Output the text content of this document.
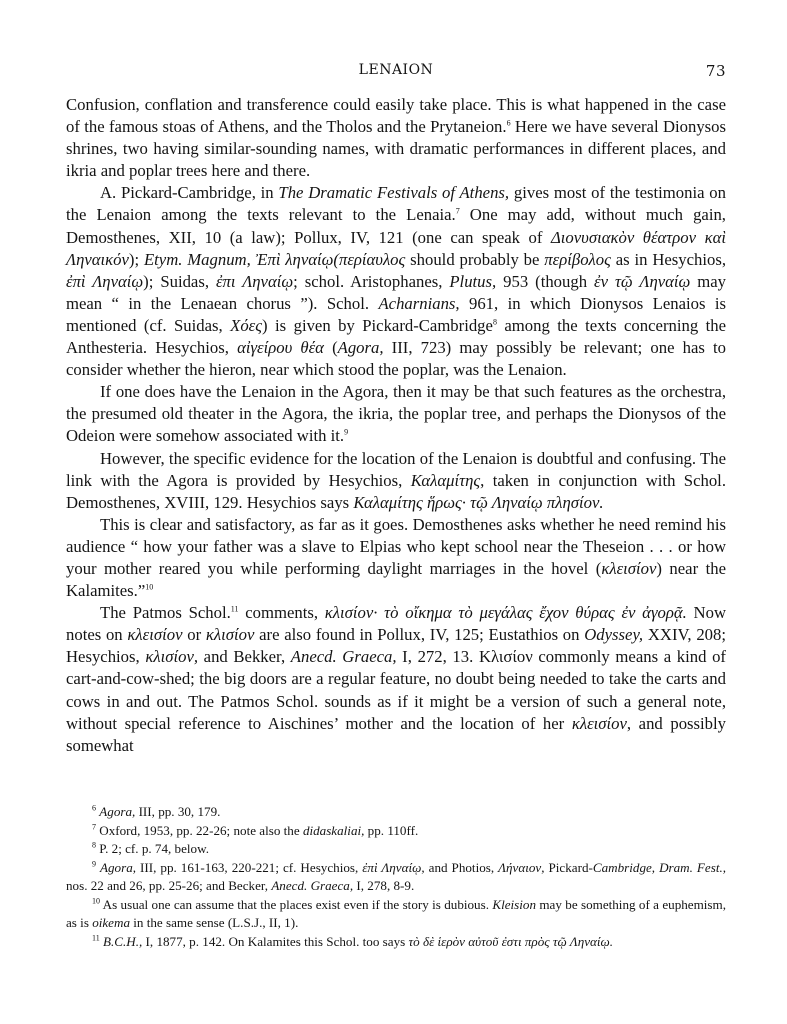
LENAION	73

Confusion, conflation and transference could easily take place. This is what happened in the case of the famous stoas of Athens, and the Tholos and the Prytaneion.$^6$ Here we have several Dionysos shrines, two having similar-sounding names, with dramatic performances in different places, and ikria and poplar trees here and there.

A. Pickard-Cambridge, in The Dramatic Festivals of Athens, gives most of the testimonia on the Lenaion among the texts relevant to the Lenaia.$^7$ One may add, without much gain, Demosthenes, XII, 10 (a law); Pollux, IV, 121 (one can speak of Διονυσιακὸν θέατρον καὶ Ληναικόν); Etym. Magnum, Ἐπὶ ληναίῳ(περίαυλος should probably be περίβολος as in Hesychios, ἐπὶ Ληναίῳ); Suidas, ἐπι Ληναίῳ; schol. Aristophanes, Plutus, 953 (though ἐν τῷ Ληναίῳ may mean “ in the Lenaean chorus ”). Schol. Acharnians, 961, in which Dionysos Lenaios is mentioned (cf. Suidas, Χόες) is given by Pickard-Cambridge$^8$ among the texts concerning the Anthesteria. Hesychios, αἰγείρου θέα (Agora, III, 723) may possibly be relevant; one has to consider whether the hieron, near which stood the poplar, was the Lenaion.

If one does have the Lenaion in the Agora, then it may be that such features as the orchestra, the presumed old theater in the Agora, the ikria, the poplar tree, and perhaps the Dionysos of the Odeion were somehow associated with it.$^9$

However, the specific evidence for the location of the Lenaion is doubtful and confusing. The link with the Agora is provided by Hesychios, Καλαμίτης, taken in conjunction with Schol. Demosthenes, XVIII, 129. Hesychios says Καλαμίτης ἥρως· τῷ Ληναίῳ πλησίον.

This is clear and satisfactory, as far as it goes. Demosthenes asks whether he need remind his audience “ how your father was a slave to Elpias who kept school near the Theseion . . . or how your mother reared you while performing daylight marriages in the hovel (κλεισίον) near the Kalamites.”$^{10}$

The Patmos Schol.$^{11}$ comments, κλισίον· τὸ οἴκημα τὸ μεγάλας ἔχον θύρας ἐν ἀγορᾷ. Now notes on κλεισίον or κλισίον are also found in Pollux, IV, 125; Eustathios on Odyssey, XXIV, 208; Hesychios, κλισίον, and Bekker, Anecd. Graeca, I, 272, 13. Κλισίον commonly means a kind of cart-and-cow-shed; the big doors are a regular feature, no doubt being needed to take the carts and cows in and out. The Patmos Schol. sounds as if it might be a version of such a general note, without special reference to Aischines’ mother and the location of her κλεισίον, and possibly somewhat

$^6$ Agora, III, pp. 30, 179.

$^7$ Oxford, 1953, pp. 22-26; note also the didaskaliai, pp. 110ff.

$^8$ P. 2; cf. p. 74, below.

$^9$ Agora, III, pp. 161-163, 220-221; cf. Hesychios, ἐπὶ Ληναίῳ, and Photios, Λήναιον, Pickard-Cambridge, Dram. Fest., nos. 22 and 26, pp. 25-26; and Becker, Anecd. Graeca, I, 278, 8-9.

$^{10}$ As usual one can assume that the places exist even if the story is dubious. Kleision may be something of a euphemism, as is oikema in the same sense (L.S.J., II, 1).

$^{11}$ B.C.H., I, 1877, p. 142. On Kalamites this Schol. too says τὸ δὲ ἱερὸν αὐτοῦ ἐστι πρὸς τῷ Ληναίῳ.
